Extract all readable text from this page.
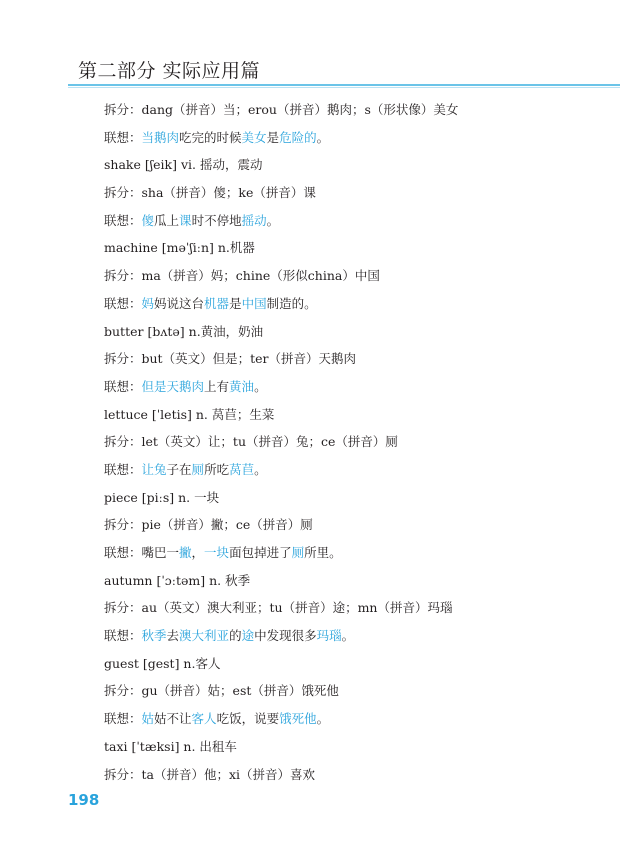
第二部分 实际应用篇
拆分：dang（拼音）当；erou（拼音）鹅肉；s（形状像）美女
联想：当鹅肉吃完的时候美女是危险的。
shake [ʃeik] vi. 摇动，震动
拆分：sha（拼音）傻；ke（拼音）课
联想：傻瓜上课时不停地摇动。
machine [məˈʃiːn] n.机器
拆分：ma（拼音）妈；chine（形似china）中国
联想：妈妈说这台机器是中国制造的。
butter [bʌtə] n.黄油，奶油
拆分：but（英文）但是；ter（拼音）天鹅肉
联想：但是天鹅肉上有黄油。
lettuce [ˈletis] n. 莴苣；生菜
拆分：let（英文）让；tu（拼音）兔；ce（拼音）厕
联想：让兔子在厕所吃莴苣。
piece [piːs] n. 一块
拆分：pie（拼音）撇；ce（拼音）厕
联想：嘴巴一撇，一块面包掉进了厕所里。
autumn [ˈɔːtəm] n. 秋季
拆分：au（英文）澳大利亚；tu（拼音）途；mn（拼音）玛瑙
联想：秋季去澳大利亚的途中发现很多玛瑙。
guest [gest] n.客人
拆分：gu（拼音）姑；est（拼音）饿死他
联想：姑姑不让客人吃饭，说要饿死他。
taxi [ˈtæksi] n. 出租车
拆分：ta（拼音）他；xi（拼音）喜欢
198
